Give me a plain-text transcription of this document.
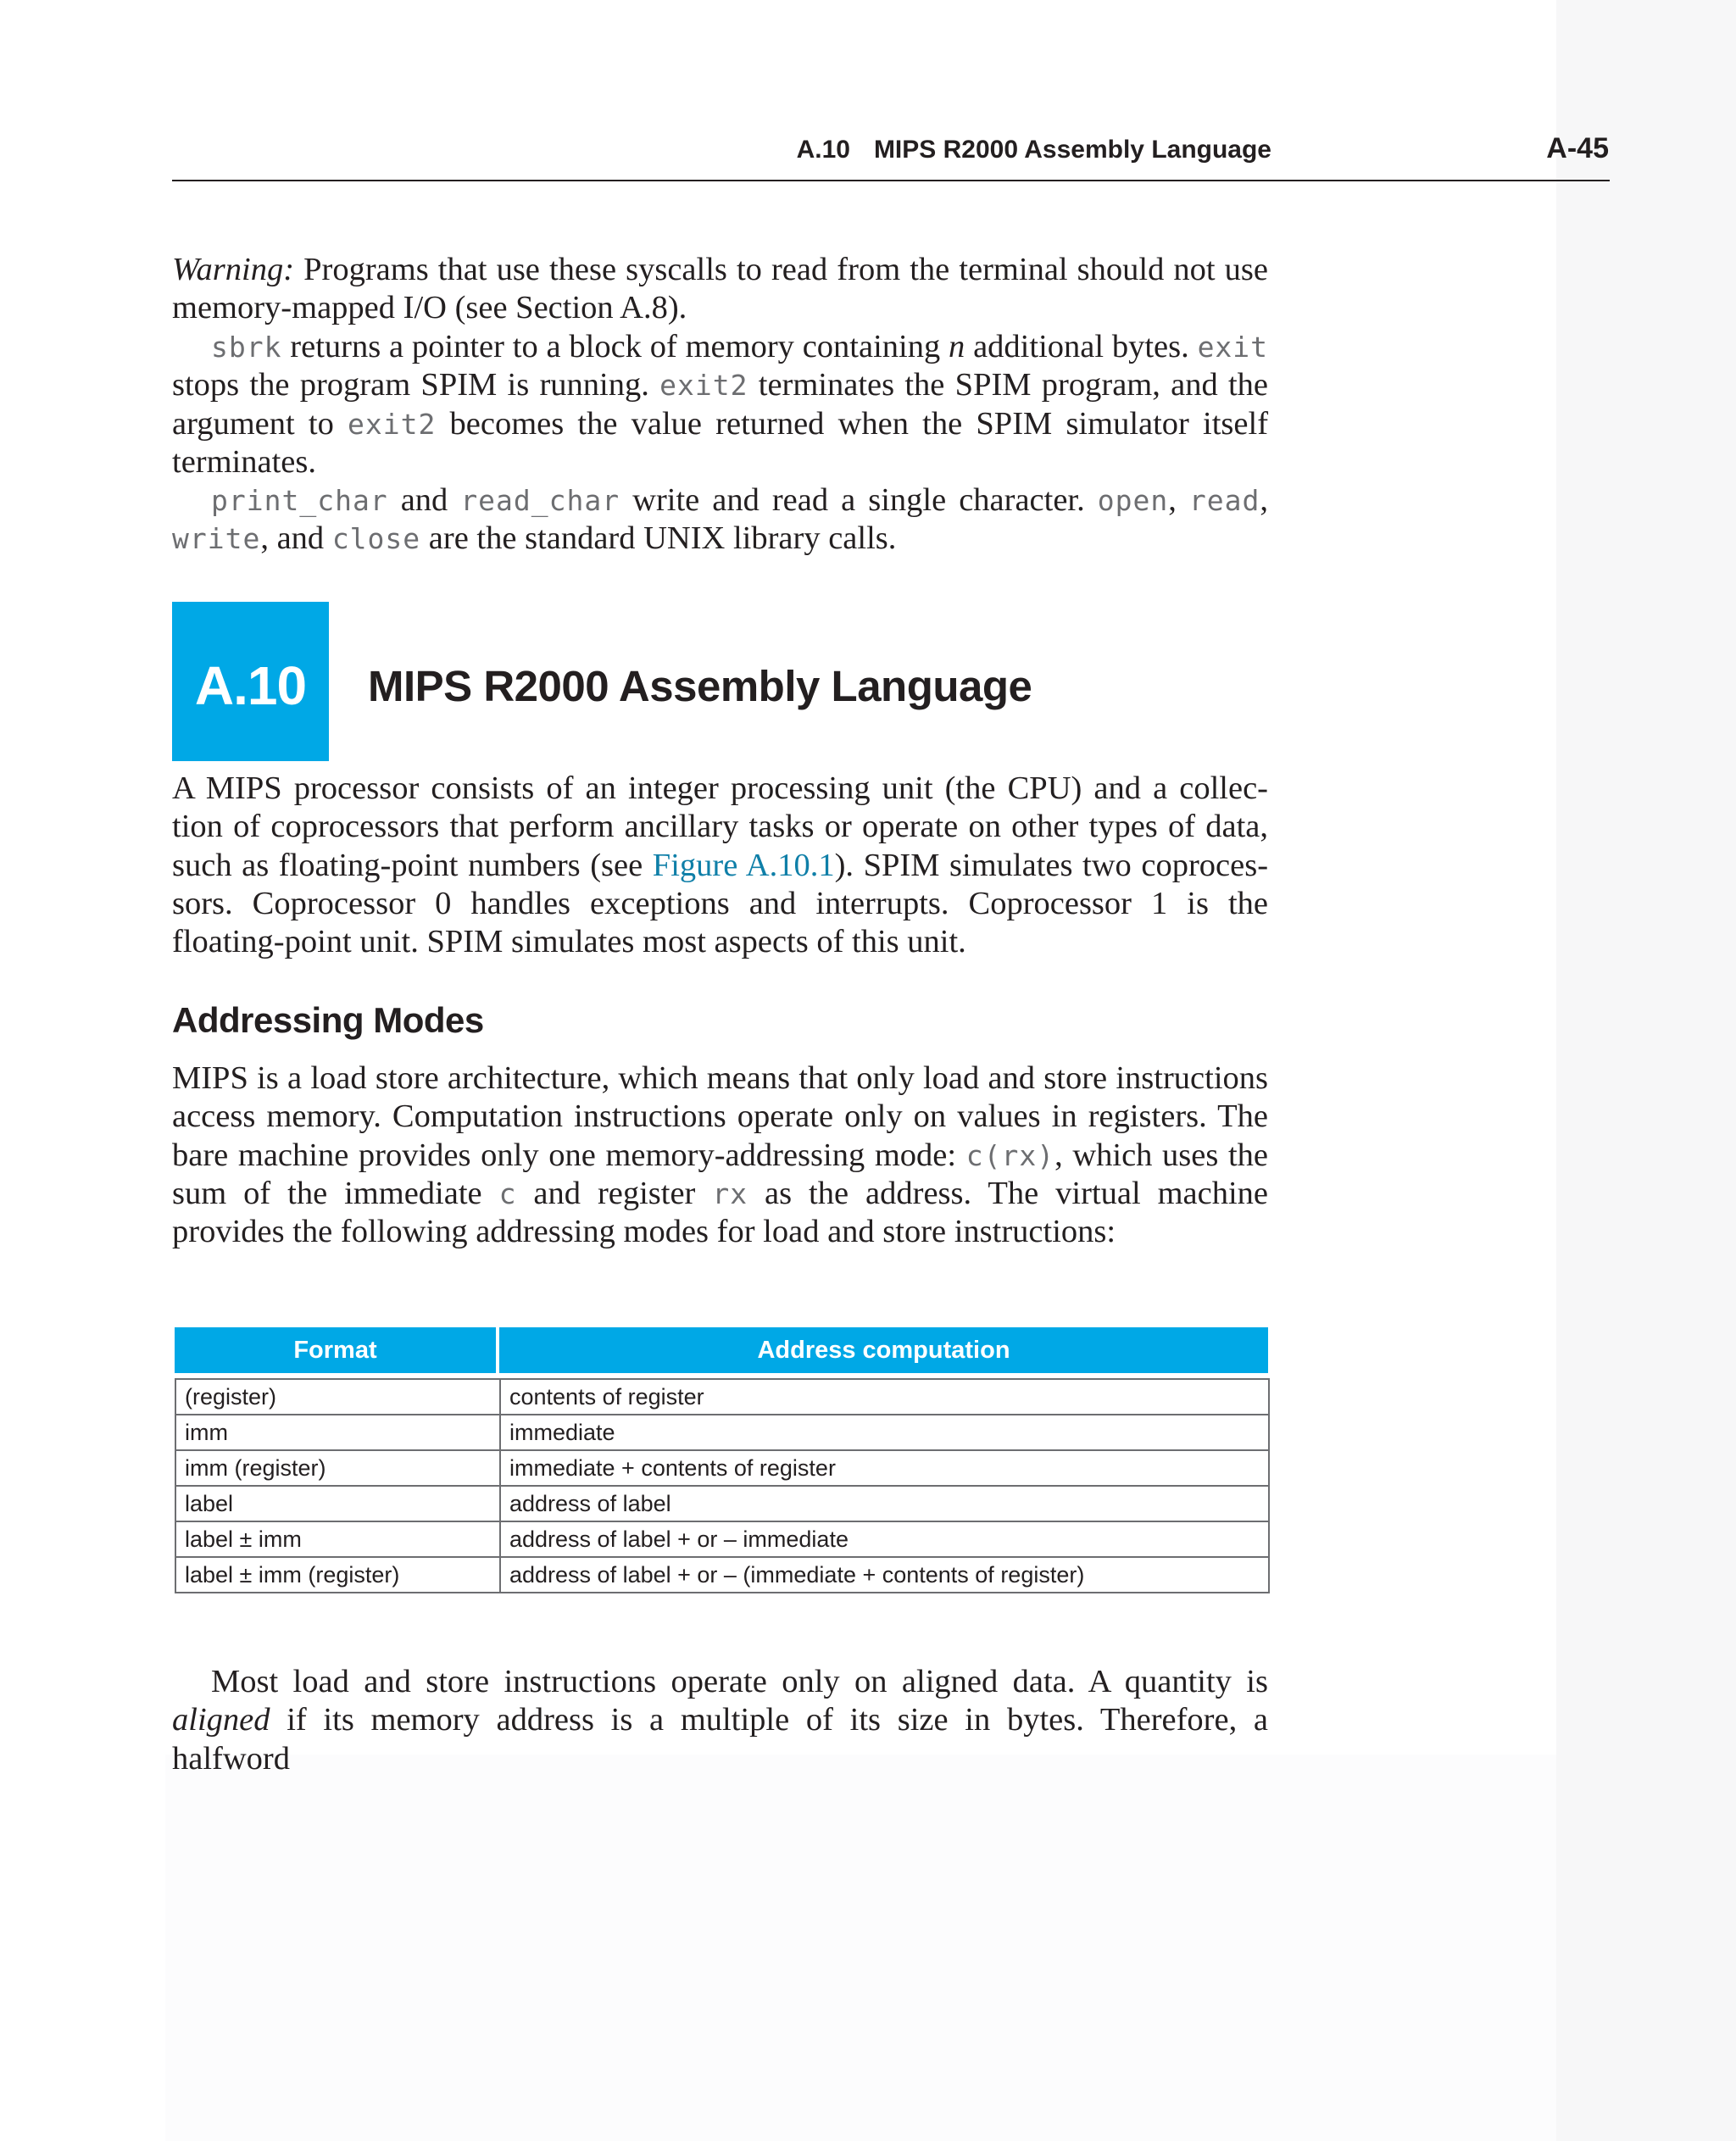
A.10 MIPS R2000 Assembly Language	A-45

Warning: Programs that use these syscalls to read from the terminal should not use memory-mapped I/O (see Section A.8).

sbrk returns a pointer to a block of memory containing n additional bytes. exit stops the program SPIM is running. exit2 terminates the SPIM program, and the argument to exit2 becomes the value returned when the SPIM simulator itself terminates.

print_char and read_char write and read a single character. open, read, write, and close are the standard UNIX library calls.

A.10	MIPS R2000 Assembly Language

A MIPS processor consists of an integer processing unit (the CPU) and a collec-tion of coprocessors that perform ancillary tasks or operate on other types of data, such as floating-point numbers (see Figure A.10.1). SPIM simulates two coproces-sors. Coprocessor 0 handles exceptions and interrupts. Coprocessor 1 is the floating-point unit. SPIM simulates most aspects of this unit.

Addressing Modes

MIPS is a load store architecture, which means that only load and store instructions access memory. Computation instructions operate only on values in registers. The bare machine provides only one memory-addressing mode: c(rx), which uses the sum of the immediate c and register rx as the address. The virtual machine provides the following addressing modes for load and store instructions:

Format	Address computation
(register)	contents of register
imm	immediate
imm (register)	immediate + contents of register
label	address of label
label ± imm	address of label + or – immediate
label ± imm (register)	address of label + or – (immediate + contents of register)

Most load and store instructions operate only on aligned data. A quantity is aligned if its memory address is a multiple of its size in bytes. Therefore, a halfword
